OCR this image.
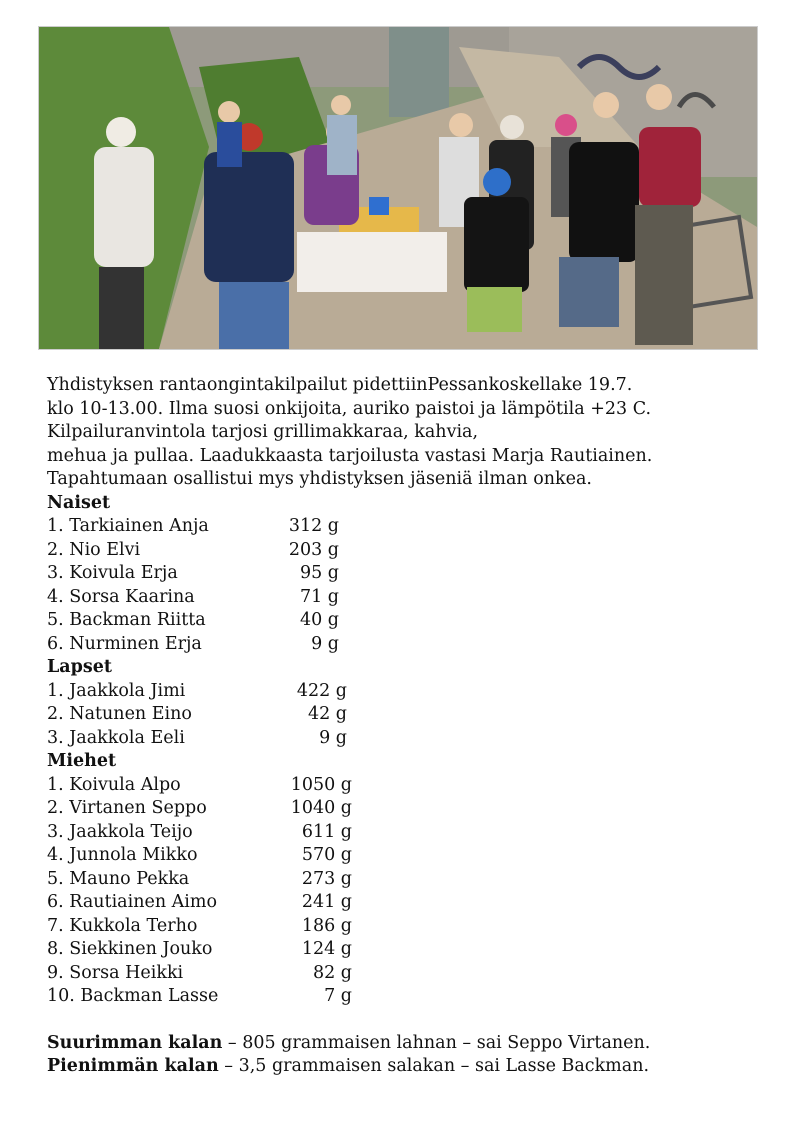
Yhdistyksen rantaongintakilpailut pidettiinPessankoskellake 19.7.

klo 10-13.00. Ilma suosi onkijoita, auriko paistoi ja lämpötila +23 C.

Kilpailuranvintola tarjosi grillimakkaraa, kahvia,

mehua ja pullaa. Laadukkaasta tarjoilusta vastasi Marja Rautiainen.

Tapahtumaan osallistui mys yhdistyksen jäseniä ilman onkea.

Naiset

1. Tarkiainen Anja	312 g
2. Nio Elvi	203 g
3. Koivula Erja	95 g
4. Sorsa Kaarina	71 g
5. Backman Riitta	40 g
6. Nurminen Erja	9 g

Lapset

1. Jaakkola Jimi	422 g
2. Natunen Eino	42 g
3. Jaakkola Eeli	9 g

Miehet

1. Koivula Alpo	1050 g
2. Virtanen Seppo	1040 g
3. Jaakkola Teijo	611 g
4. Junnola Mikko	570 g
5. Mauno Pekka	273 g
6. Rautiainen Aimo	241 g
7. Kukkola Terho	186 g
8. Siekkinen Jouko	124 g
9. Sorsa Heikki	82 g
10. Backman Lasse	7 g

Suurimman kalan – 805 grammaisen lahnan – sai Seppo Virtanen.

Pienimmän kalan – 3,5 grammaisen salakan – sai Lasse Backman.
